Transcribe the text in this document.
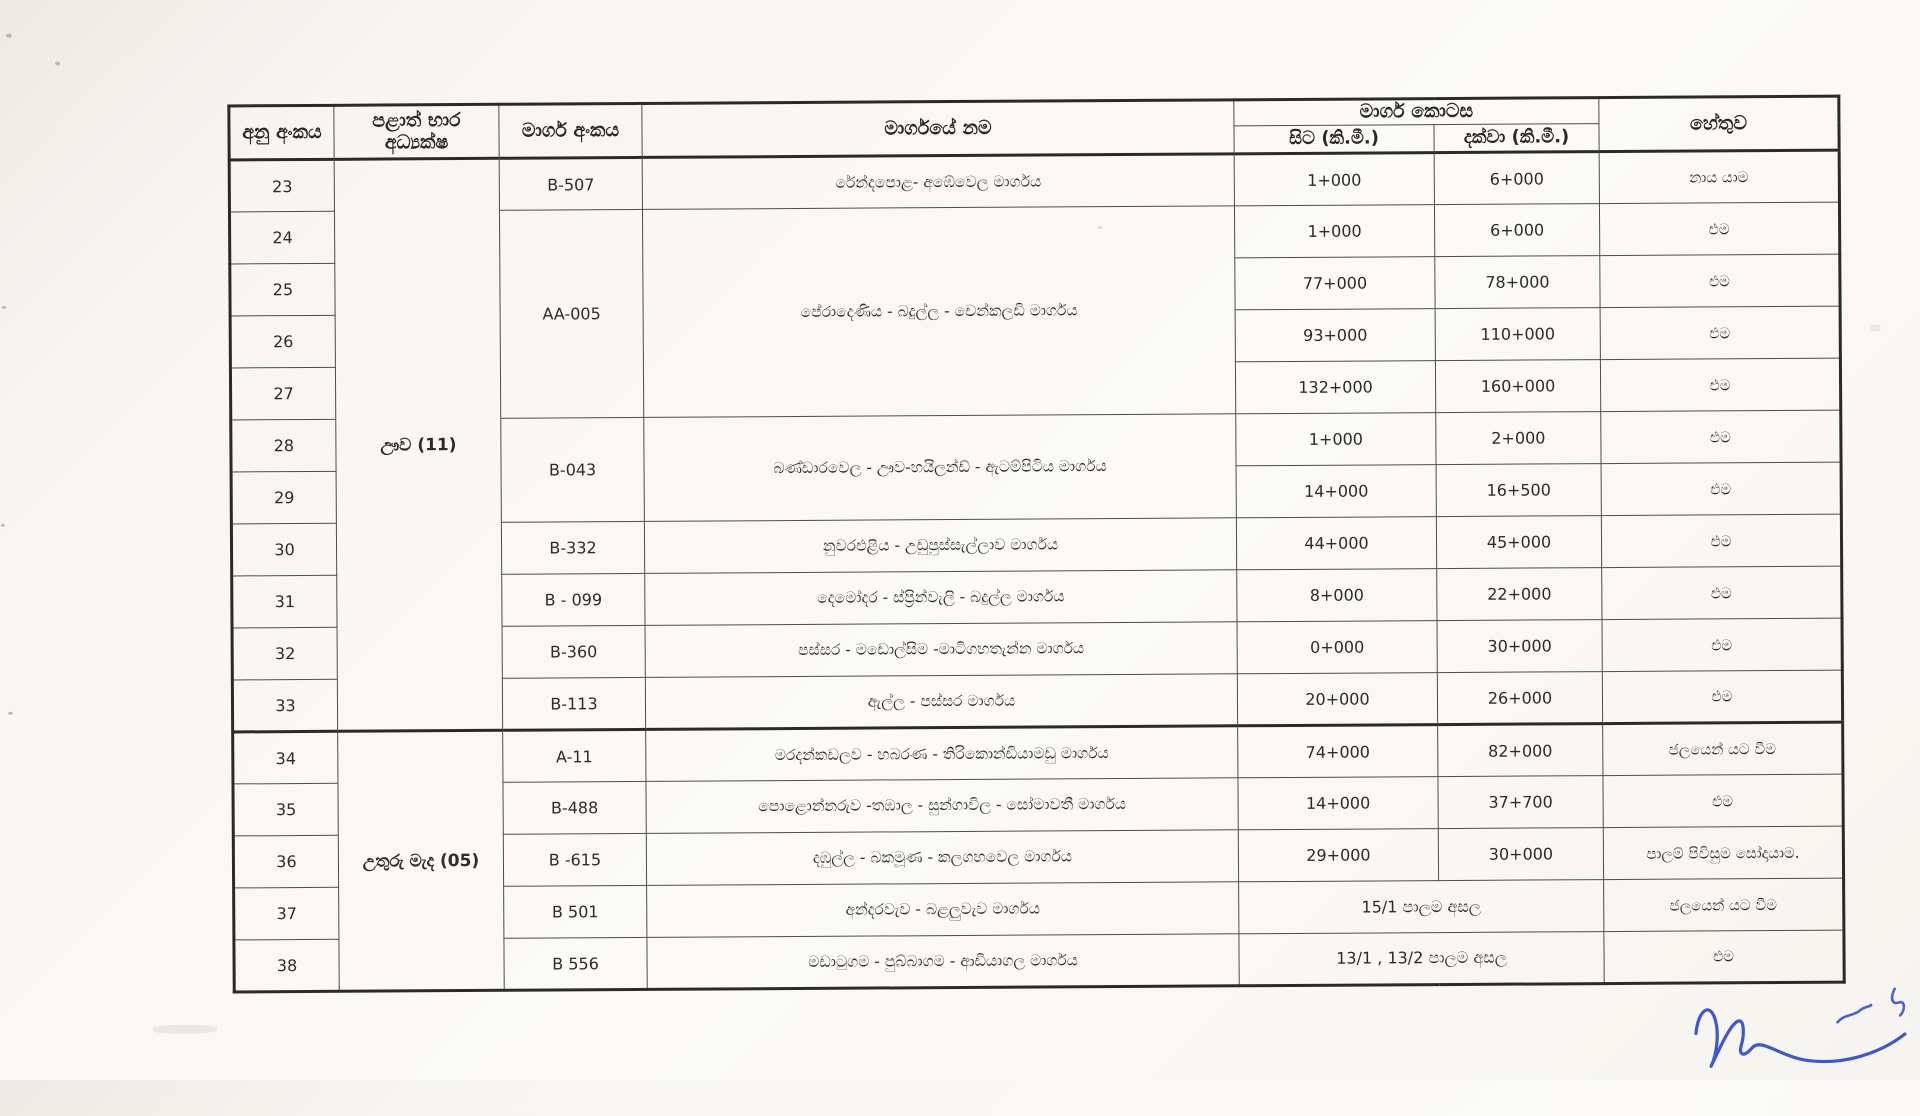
අනු අංකය	පළාත් භාර අධ්‍යක්ෂ	මාර්ග අංකය	මාර්ගයේ නම	මාර්ග කොටස		හේතුව
				සිට (කි.මී.)	දක්වා (කි.මී.)	
23	ඌව (11)	B-507	රේන්දපොළ- අඹේවෙල මාර්ගය	1+000	6+000	නාය යාම
24		AA-005	පේරාදෙණිය - බදුල්ල - චෙන්කලඩි මාර්ගය	1+000	6+000	එම
25				77+000	78+000	එම
26				93+000	110+000	එම
27				132+000	160+000	එම
28		B-043	බණ්ඩාරවෙල - ඌව-හයිලන්ඩ් - ඇටම්පිටිය මාර්ගය	1+000	2+000	එම
29				14+000	16+500	එම
30		B-332	නුවරඑළිය - උඩුපුස්සැල්ලාව මාර්ගය	44+000	45+000	එම
31		B - 099	දෙමෝදර - ස්ප්‍රින්වැලි - බදුල්ල මාර්ගය	8+000	22+000	එම
32		B-360	පස්සර - මඩොල්සිම -මාටිගහතැන්න මාර්ගය	0+000	30+000	එම
33		B-113	ඇල්ල - පස්සර මාර්ගය	20+000	26+000	එම
34	උතුරු මැද (05)	A-11	මරදන්කඩලව - හබරණ - තිරිකොන්ඩියාමඩු මාර්ගය	74+000	82+000	ජලයෙන් යට වීම
35		B-488	පොළොන්නරුව -තඹාල - සුන්ගාවිල - සෝමාවතී මාර්ගය	14+000	37+700	එම
36		B -615	දඹුල්ල - බකමූණ - කලගහවෙල මාර්ගය	29+000	30+000	පාලම් පිවිසුම සෝදායාම.
37		B 501	අන්දරවැව - බළලුවැව මාර්ගය	15/1 පාලම අසල		ජලයෙන් යට වීම
38		B 556	මඩාටුගම - පුබ්බාගම - ආඩියාගල මාර්ගය	13/1 , 13/2 පාලම අසල		එම
